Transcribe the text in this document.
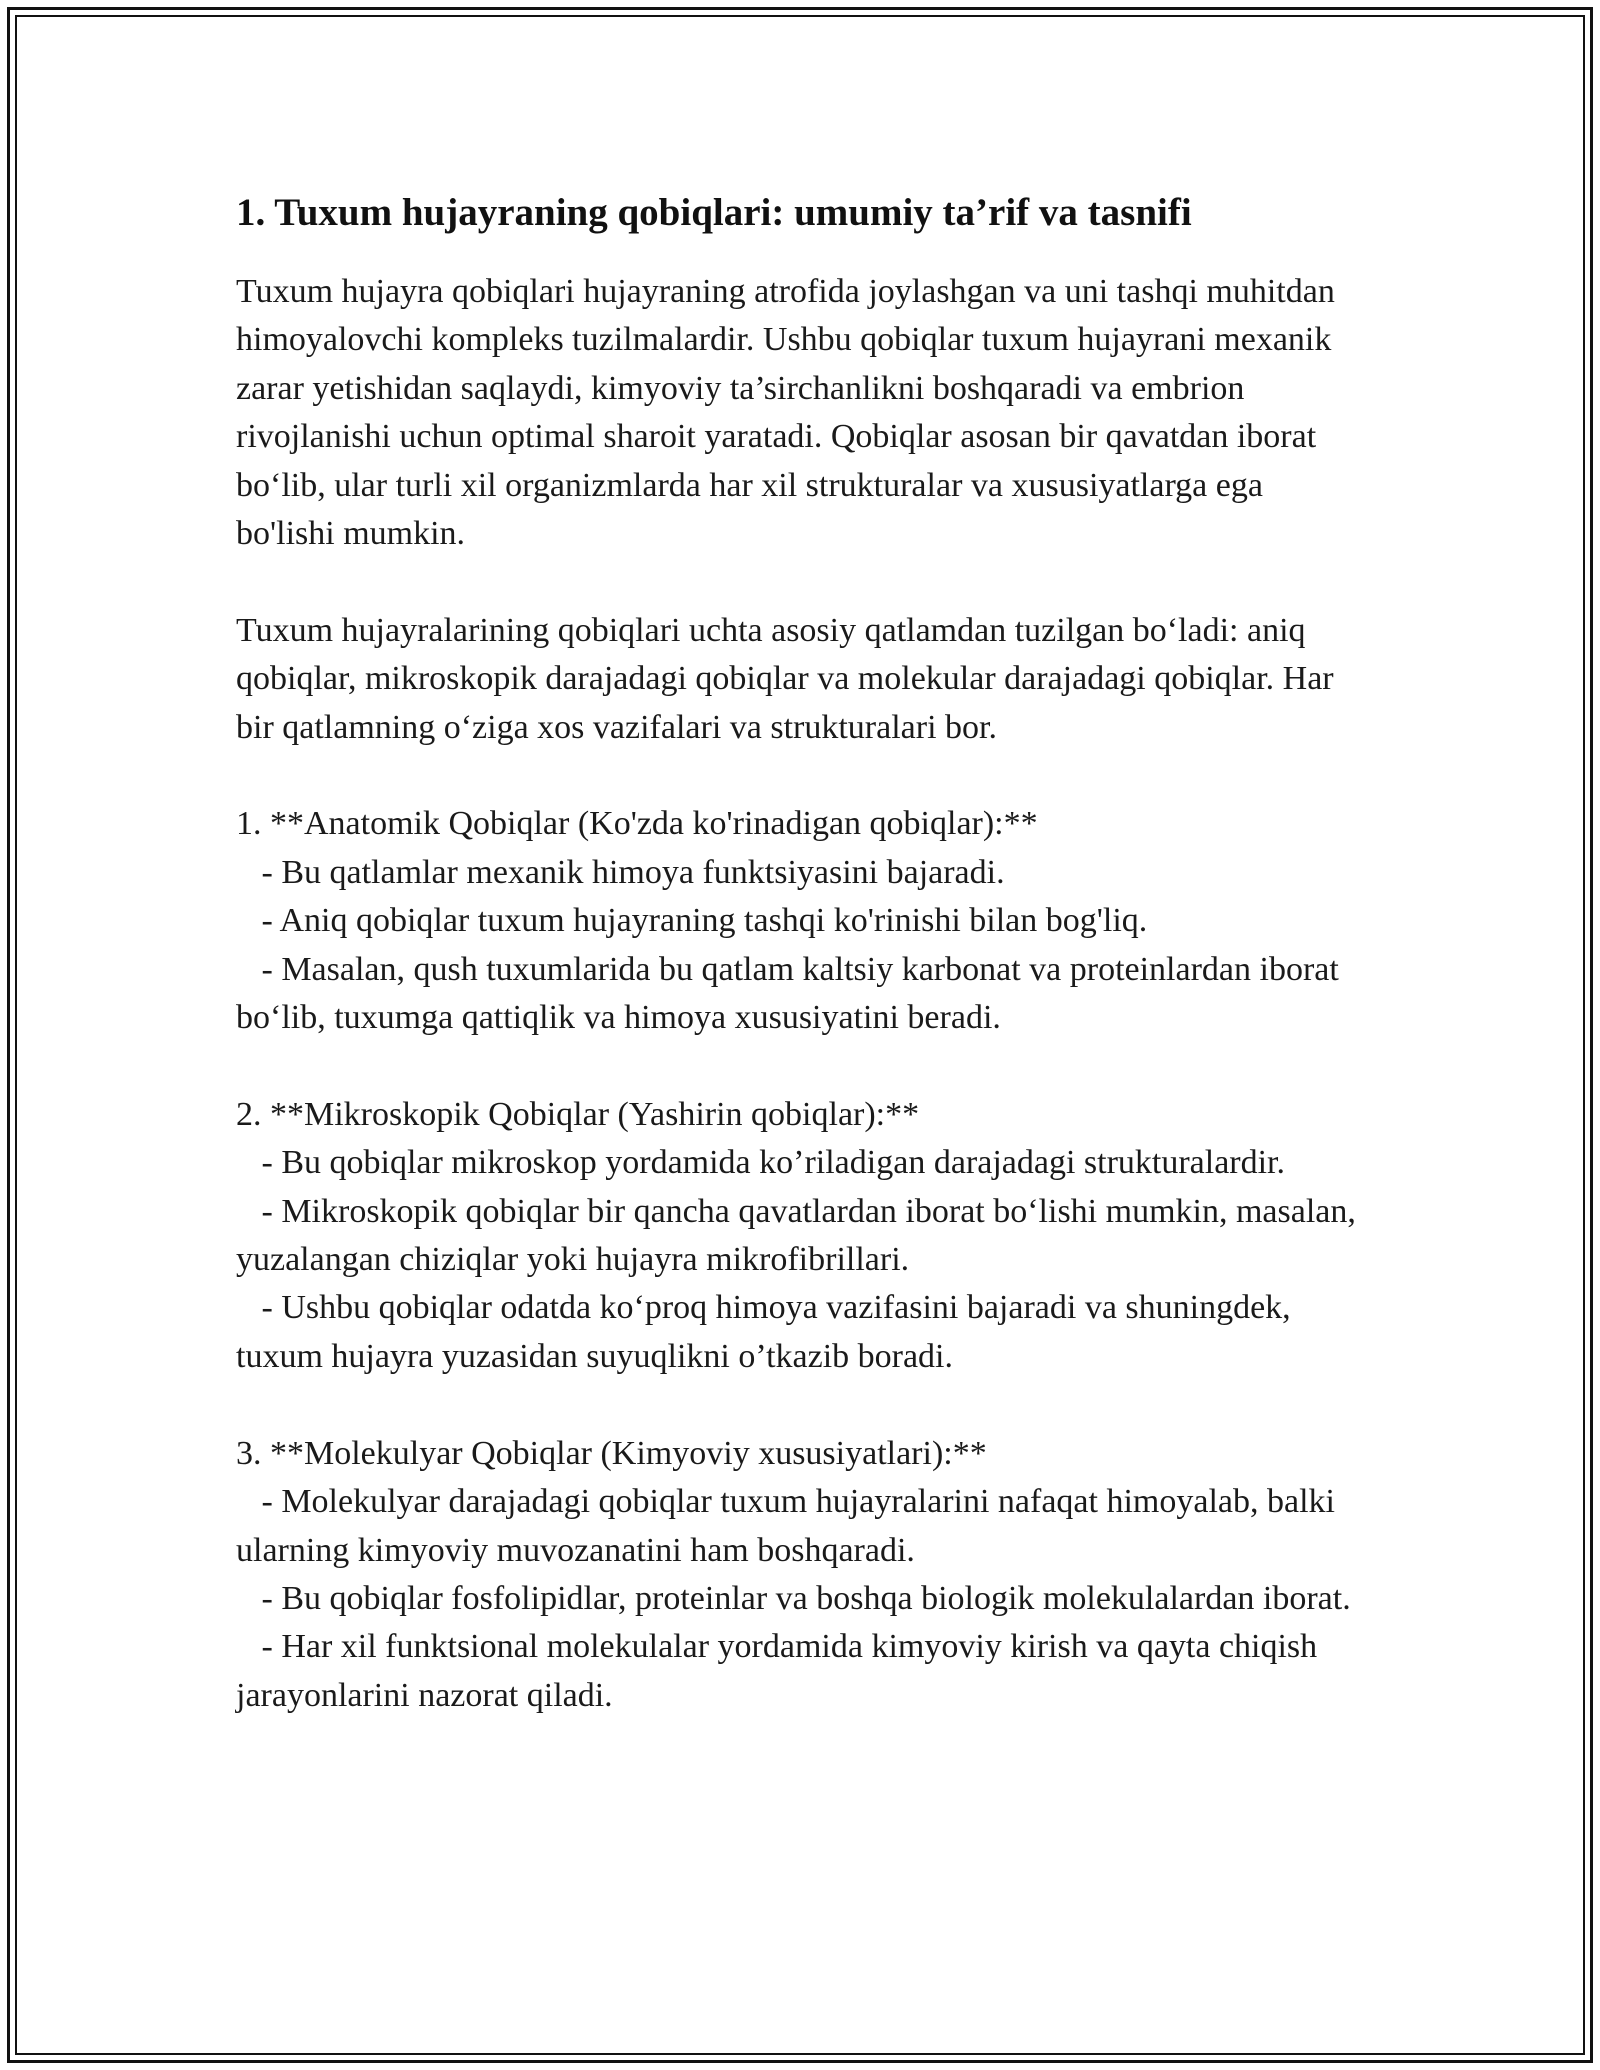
1. Tuxum hujayraning qobiqlari: umumiy ta’rif va tasnifi

Tuxum hujayra qobiqlari hujayraning atrofida joylashgan va uni tashqi muhitdan himoyalovchi kompleks tuzilmalardir. Ushbu qobiqlar tuxum hujayrani mexanik zarar yetishidan saqlaydi, kimyoviy ta’sirchanlikni boshqaradi va embrion rivojlanishi uchun optimal sharoit yaratadi. Qobiqlar asosan bir qavatdan iborat bo‘lib, ular turli xil organizmlarda har xil strukturalar va xususiyatlarga ega bo'lishi mumkin.

Tuxum hujayralarining qobiqlari uchta asosiy qatlamdan tuzilgan bo‘ladi: aniq qobiqlar, mikroskopik darajadagi qobiqlar va molekular darajadagi qobiqlar. Har bir qatlamning o‘ziga xos vazifalari va strukturalari bor.

1. **Anatomik Qobiqlar (Ko'zda ko'rinadigan qobiqlar):**

- Bu qatlamlar mexanik himoya funktsiyasini bajaradi.

- Aniq qobiqlar tuxum hujayraning tashqi ko'rinishi bilan bog'liq.

- Masalan, qush tuxumlarida bu qatlam kaltsiy karbonat va proteinlardan iborat bo‘lib, tuxumga qattiqlik va himoya xususiyatini beradi.

2. **Mikroskopik Qobiqlar (Yashirin qobiqlar):**

- Bu qobiqlar mikroskop yordamida ko’riladigan darajadagi strukturalardir.

- Mikroskopik qobiqlar bir qancha qavatlardan iborat bo‘lishi mumkin, masalan, yuzalangan chiziqlar yoki hujayra mikrofibrillari.

- Ushbu qobiqlar odatda ko‘proq himoya vazifasini bajaradi va shuningdek, tuxum hujayra yuzasidan suyuqlikni o’tkazib boradi.

3. **Molekulyar Qobiqlar (Kimyoviy xususiyatlari):**

- Molekulyar darajadagi qobiqlar tuxum hujayralarini nafaqat himoyalab, balki ularning kimyoviy muvozanatini ham boshqaradi.

- Bu qobiqlar fosfolipidlar, proteinlar va boshqa biologik molekulalardan iborat.

- Har xil funktsional molekulalar yordamida kimyoviy kirish va qayta chiqish jarayonlarini nazorat qiladi.
